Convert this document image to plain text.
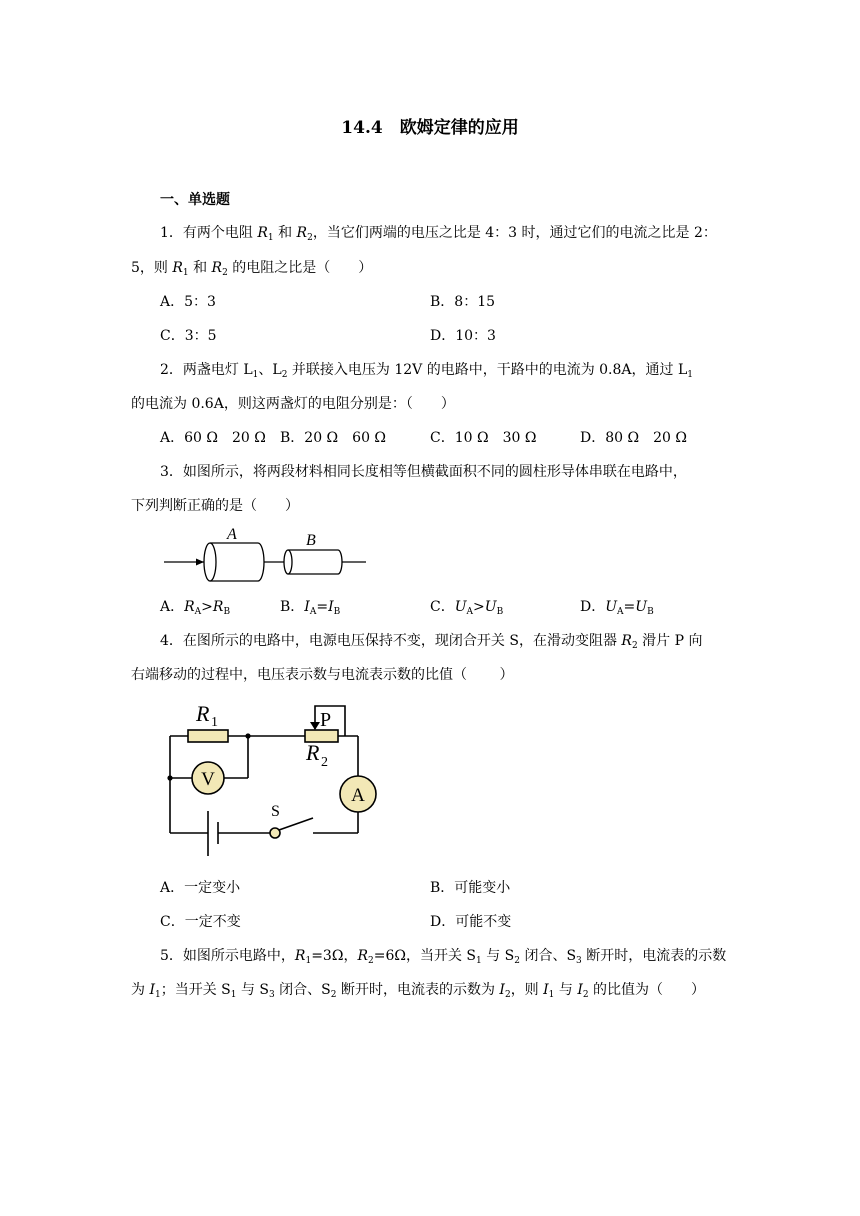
14.4　欧姆定律的应用
一、单选题
1．有两个电阻 $R_1$ 和 $R_2$，当它们两端的电压之比是 4：3 时，通过它们的电流之比是 2：
5，则 $R_1$ 和 $R_2$ 的电阻之比是（　　）
A．5：3	B．8：15
C．3：5	D．10：3
2．两盏电灯 $L_1$、$L_2$ 并联接入电压为 12V 的电路中，干路中的电流为 0.8A，通过 $L_1$
的电流为 0.6A，则这两盏灯的电阻分别是：（　　）
A．60 Ω　20 Ω B．20 Ω　60 Ω	C．10 Ω　30 Ω	D．80 Ω　20 Ω
3．如图所示，将两段材料相同长度相等但横截面积不同的圆柱形导体串联在电路中，
下列判断正确的是（　　）
A	B
A．$R_A>R_B$	B．$I_A=I_B$	C．$U_A>U_B$	D．$U_A=U_B$
4．在图所示的电路中，电源电压保持不变，现闭合开关 S，在滑动变阻器 $R_2$ 滑片 P 向
右端移动的过程中，电压表示数与电流表示数的比值（　　 ）
R 1	P
R 2
V
A
S
A．一定变小	B．可能变小
C．一定不变	D．可能不变
5．如图所示电路中，$R_1=3\Omega$，$R_2=6\Omega$，当开关 $S_1$ 与 $S_2$ 闭合、$S_3$ 断开时，电流表的示数
为 $I_1$；当开关 $S_1$ 与 $S_3$ 闭合、$S_2$ 断开时，电流表的示数为 $I_2$，则 $I_1$ 与 $I_2$ 的比值为（　　）
